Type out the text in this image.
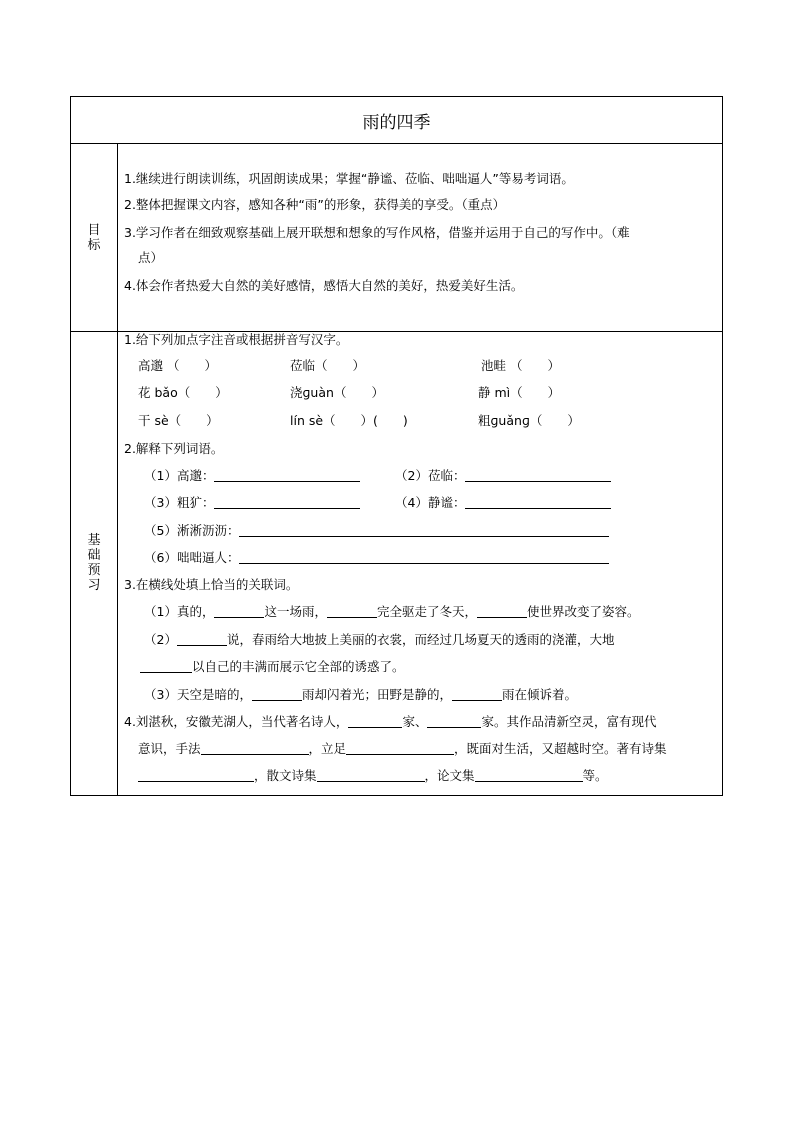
雨的四季
目标
1.继续进行朗读训练，巩固朗读成果；掌握“静谧、莅临、咄咄逼人”等易考词语。
2.整体把握课文内容，感知各种“雨”的形象，获得美的享受。（重点）
3.学习作者在细致观察基础上展开联想和想象的写作风格，借鉴并运用于自己的写作中。（难
点）
4.体会作者热爱大自然的美好感情，感悟大自然的美好，热爱美好生活。
基础预习
1.给下列加点字注音或根据拼音写汉字。
高邈 （　　）	莅临（　　）	池畦 （　　）
花 bǎo（　　）	浇ɡuàn（　　）	静 mì（　　）
干 sè（　　）	lín sè（　　）(　　)	粗ɡuǎnɡ（　　）
2.解释下列词语。
（1）高邈：	（2）莅临：
（3）粗犷：	（4）静谧：
（5）淅淅沥沥：
（6）咄咄逼人：
3.在横线处填上恰当的关联词。
（1）真的，	这一场雨，	完全驱走了冬天，	使世界改变了姿容。
（2）	说，春雨给大地披上美丽的衣裳，而经过几场夏天的透雨的浇灌，大地
以自己的丰满而展示它全部的诱惑了。
（3）天空是暗的，	雨却闪着光；田野是静的，	雨在倾诉着。
4.刘湛秋，安徽芜湖人，当代著名诗人，	家、	家。其作品清新空灵，富有现代
意识，手法	，立足	，既面对生活，又超越时空。著有诗集
，散文诗集	，论文集	等。
